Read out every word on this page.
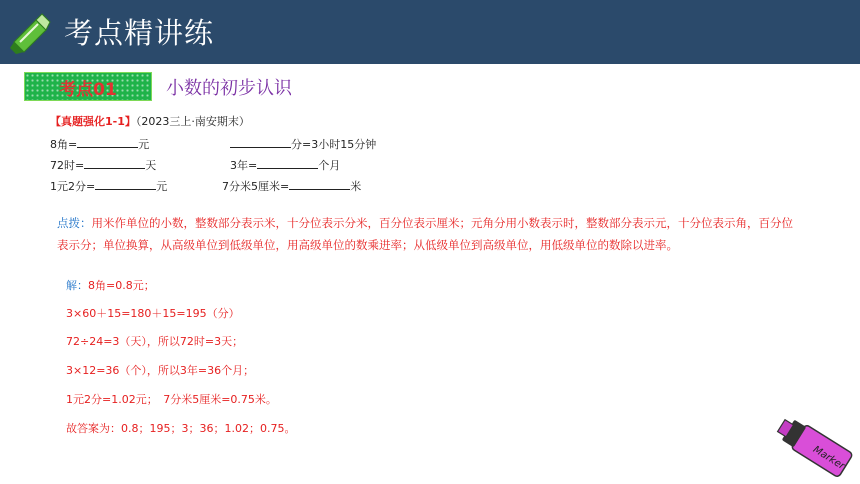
考点精讲练
考点01	小数的初步认识
【真题强化1-1】（2023三上·南安期末）
8角=	元	分=3小时15分钟
72时=	天	3年=	个月
1元2分=	元	7分米5厘米=	米
点拨：用米作单位的小数，整数部分表示米，十分位表示分米，百分位表示厘米；元角分用小数表示时，整数部分表示元，十分位表示角，百分位表示分；单位换算，从高级单位到低级单位，用高级单位的数乘进率；从低级单位到高级单位，用低级单位的数除以进率。
解：8角=0.8元；
3×60＋15=180＋15=195（分）
72÷24=3（天），所以72时=3天；
3×12=36（个），所以3年=36个月；
1元2分=1.02元；　7分米5厘米=0.75米。
故答案为：0.8；195；3；36；1.02；0.75。
Marker
